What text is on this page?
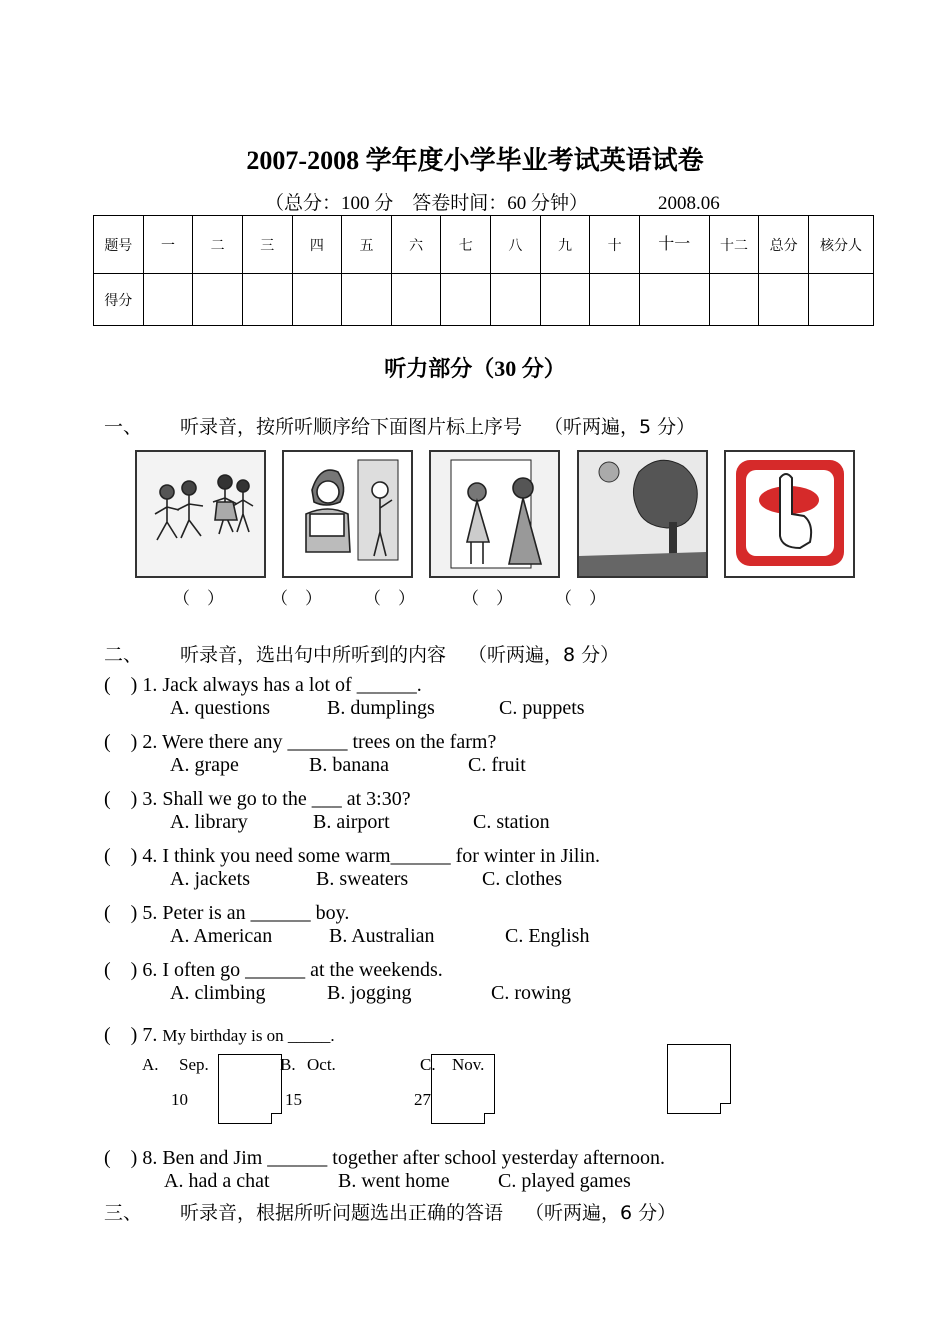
2007-2008 学年度小学毕业考试英语试卷
（总分：100 分　答卷时间：60 分钟）	2008.06
题号	一	二	三	四	五	六	七	八	九	十	十一	十二	总分	核分人
得分														
听力部分（30 分）
一、 听录音，按所听顺序给下面图片标上序号 （听两遍，5 分）
（　）	（　） （　）	（　） （　）
二、 听录音，选出句中所听到的内容 （听两遍，8 分）
(　) 1. Jack always has a lot of ______.
A. questions	B. dumplings	C. puppets
(　) 2. Were there any ______ trees on the farm?
A. grape	B. banana	C. fruit
(　) 3. Shall we go to the ___ at 3:30?
A. library	B. airport	C. station
(　) 4. I think you need some warm______ for winter in Jilin.
A. jackets	B. sweaters	C. clothes
(　) 5. Peter is an ______ boy.
A. American	B. Australian	C. English
(　) 6. I often go ______ at the weekends.
A. climbing	B. jogging	C. rowing
(　) 7. My birthday is on _____.
A. Sep.
10
B. Oct.
15
C. Nov.
27
(　) 8. Ben and Jim ______ together after school yesterday afternoon.
A. had a chat	B. went home C. played games
三、 听录音，根据所听问题选出正确的答语 （听两遍，6 分）
